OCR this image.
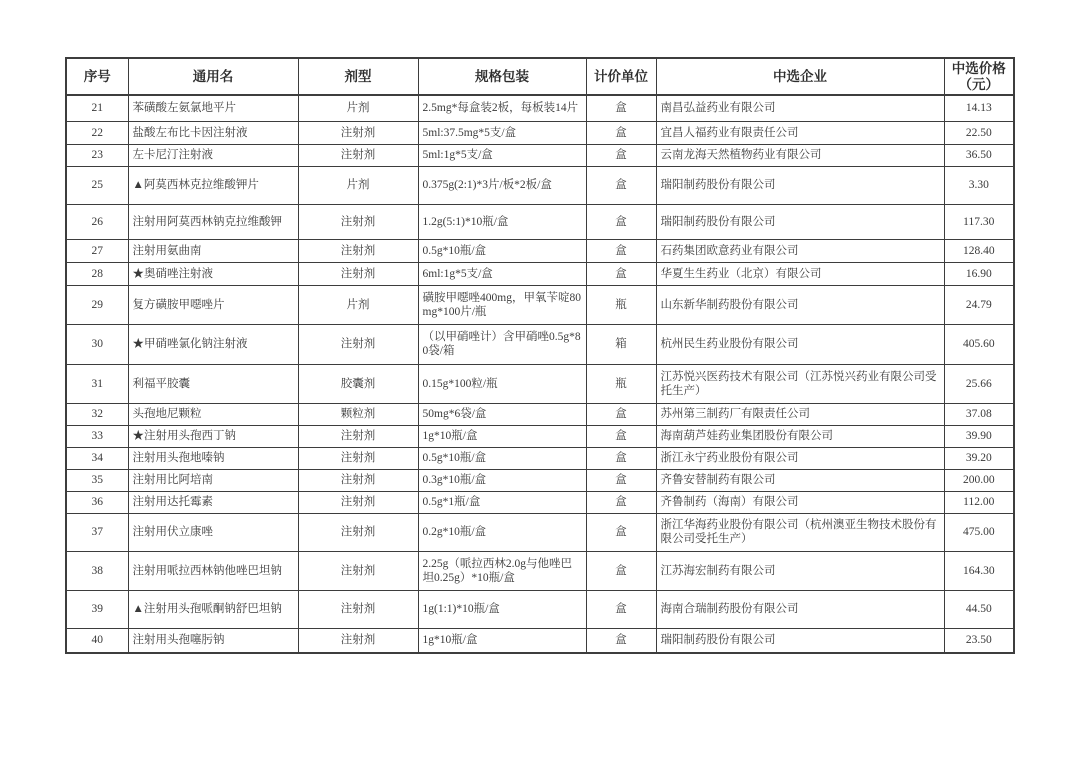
序号	通用名	剂型	规格包装	计价单位	中选企业	中选价格（元）
21	苯磺酸左氨氯地平片	片剂	2.5mg*每盒装2板，每板装14片	盒	南昌弘益药业有限公司	14.13
22	盐酸左布比卡因注射液	注射剂	5ml:37.5mg*5支/盒	盒	宜昌人福药业有限责任公司	22.50
23	左卡尼汀注射液	注射剂	5ml:1g*5支/盒	盒	云南龙海天然植物药业有限公司	36.50
25	▲阿莫西林克拉维酸钾片	片剂	0.375g(2:1)*3片/板*2板/盒	盒	瑞阳制药股份有限公司	3.30
26	注射用阿莫西林钠克拉维酸钾	注射剂	1.2g(5:1)*10瓶/盒	盒	瑞阳制药股份有限公司	117.30
27	注射用氨曲南	注射剂	0.5g*10瓶/盒	盒	石药集团欧意药业有限公司	128.40
28	★奥硝唑注射液	注射剂	6ml:1g*5支/盒	盒	华夏生生药业（北京）有限公司	16.90
29	复方磺胺甲噁唑片	片剂	磺胺甲噁唑400mg，甲氧苄啶80mg*100片/瓶	瓶	山东新华制药股份有限公司	24.79
30	★甲硝唑氯化钠注射液	注射剂	（以甲硝唑计）含甲硝唑0.5g*80袋/箱	箱	杭州民生药业股份有限公司	405.60
31	利福平胶囊	胶囊剂	0.15g*100粒/瓶	瓶	江苏悦兴医药技术有限公司（江苏悦兴药业有限公司受托生产）	25.66
32	头孢地尼颗粒	颗粒剂	50mg*6袋/盒	盒	苏州第三制药厂有限责任公司	37.08
33	★注射用头孢西丁钠	注射剂	1g*10瓶/盒	盒	海南葫芦娃药业集团股份有限公司	39.90
34	注射用头孢地嗪钠	注射剂	0.5g*10瓶/盒	盒	浙江永宁药业股份有限公司	39.20
35	注射用比阿培南	注射剂	0.3g*10瓶/盒	盒	齐鲁安替制药有限公司	200.00
36	注射用达托霉素	注射剂	0.5g*1瓶/盒	盒	齐鲁制药（海南）有限公司	112.00
37	注射用伏立康唑	注射剂	0.2g*10瓶/盒	盒	浙江华海药业股份有限公司（杭州澳亚生物技术股份有限公司受托生产）	475.00
38	注射用哌拉西林钠他唑巴坦钠	注射剂	2.25g（哌拉西林2.0g与他唑巴坦0.25g）*10瓶/盒	盒	江苏海宏制药有限公司	164.30
39	▲注射用头孢哌酮钠舒巴坦钠	注射剂	1g(1:1)*10瓶/盒	盒	海南合瑞制药股份有限公司	44.50
40	注射用头孢噻肟钠	注射剂	1g*10瓶/盒	盒	瑞阳制药股份有限公司	23.50
